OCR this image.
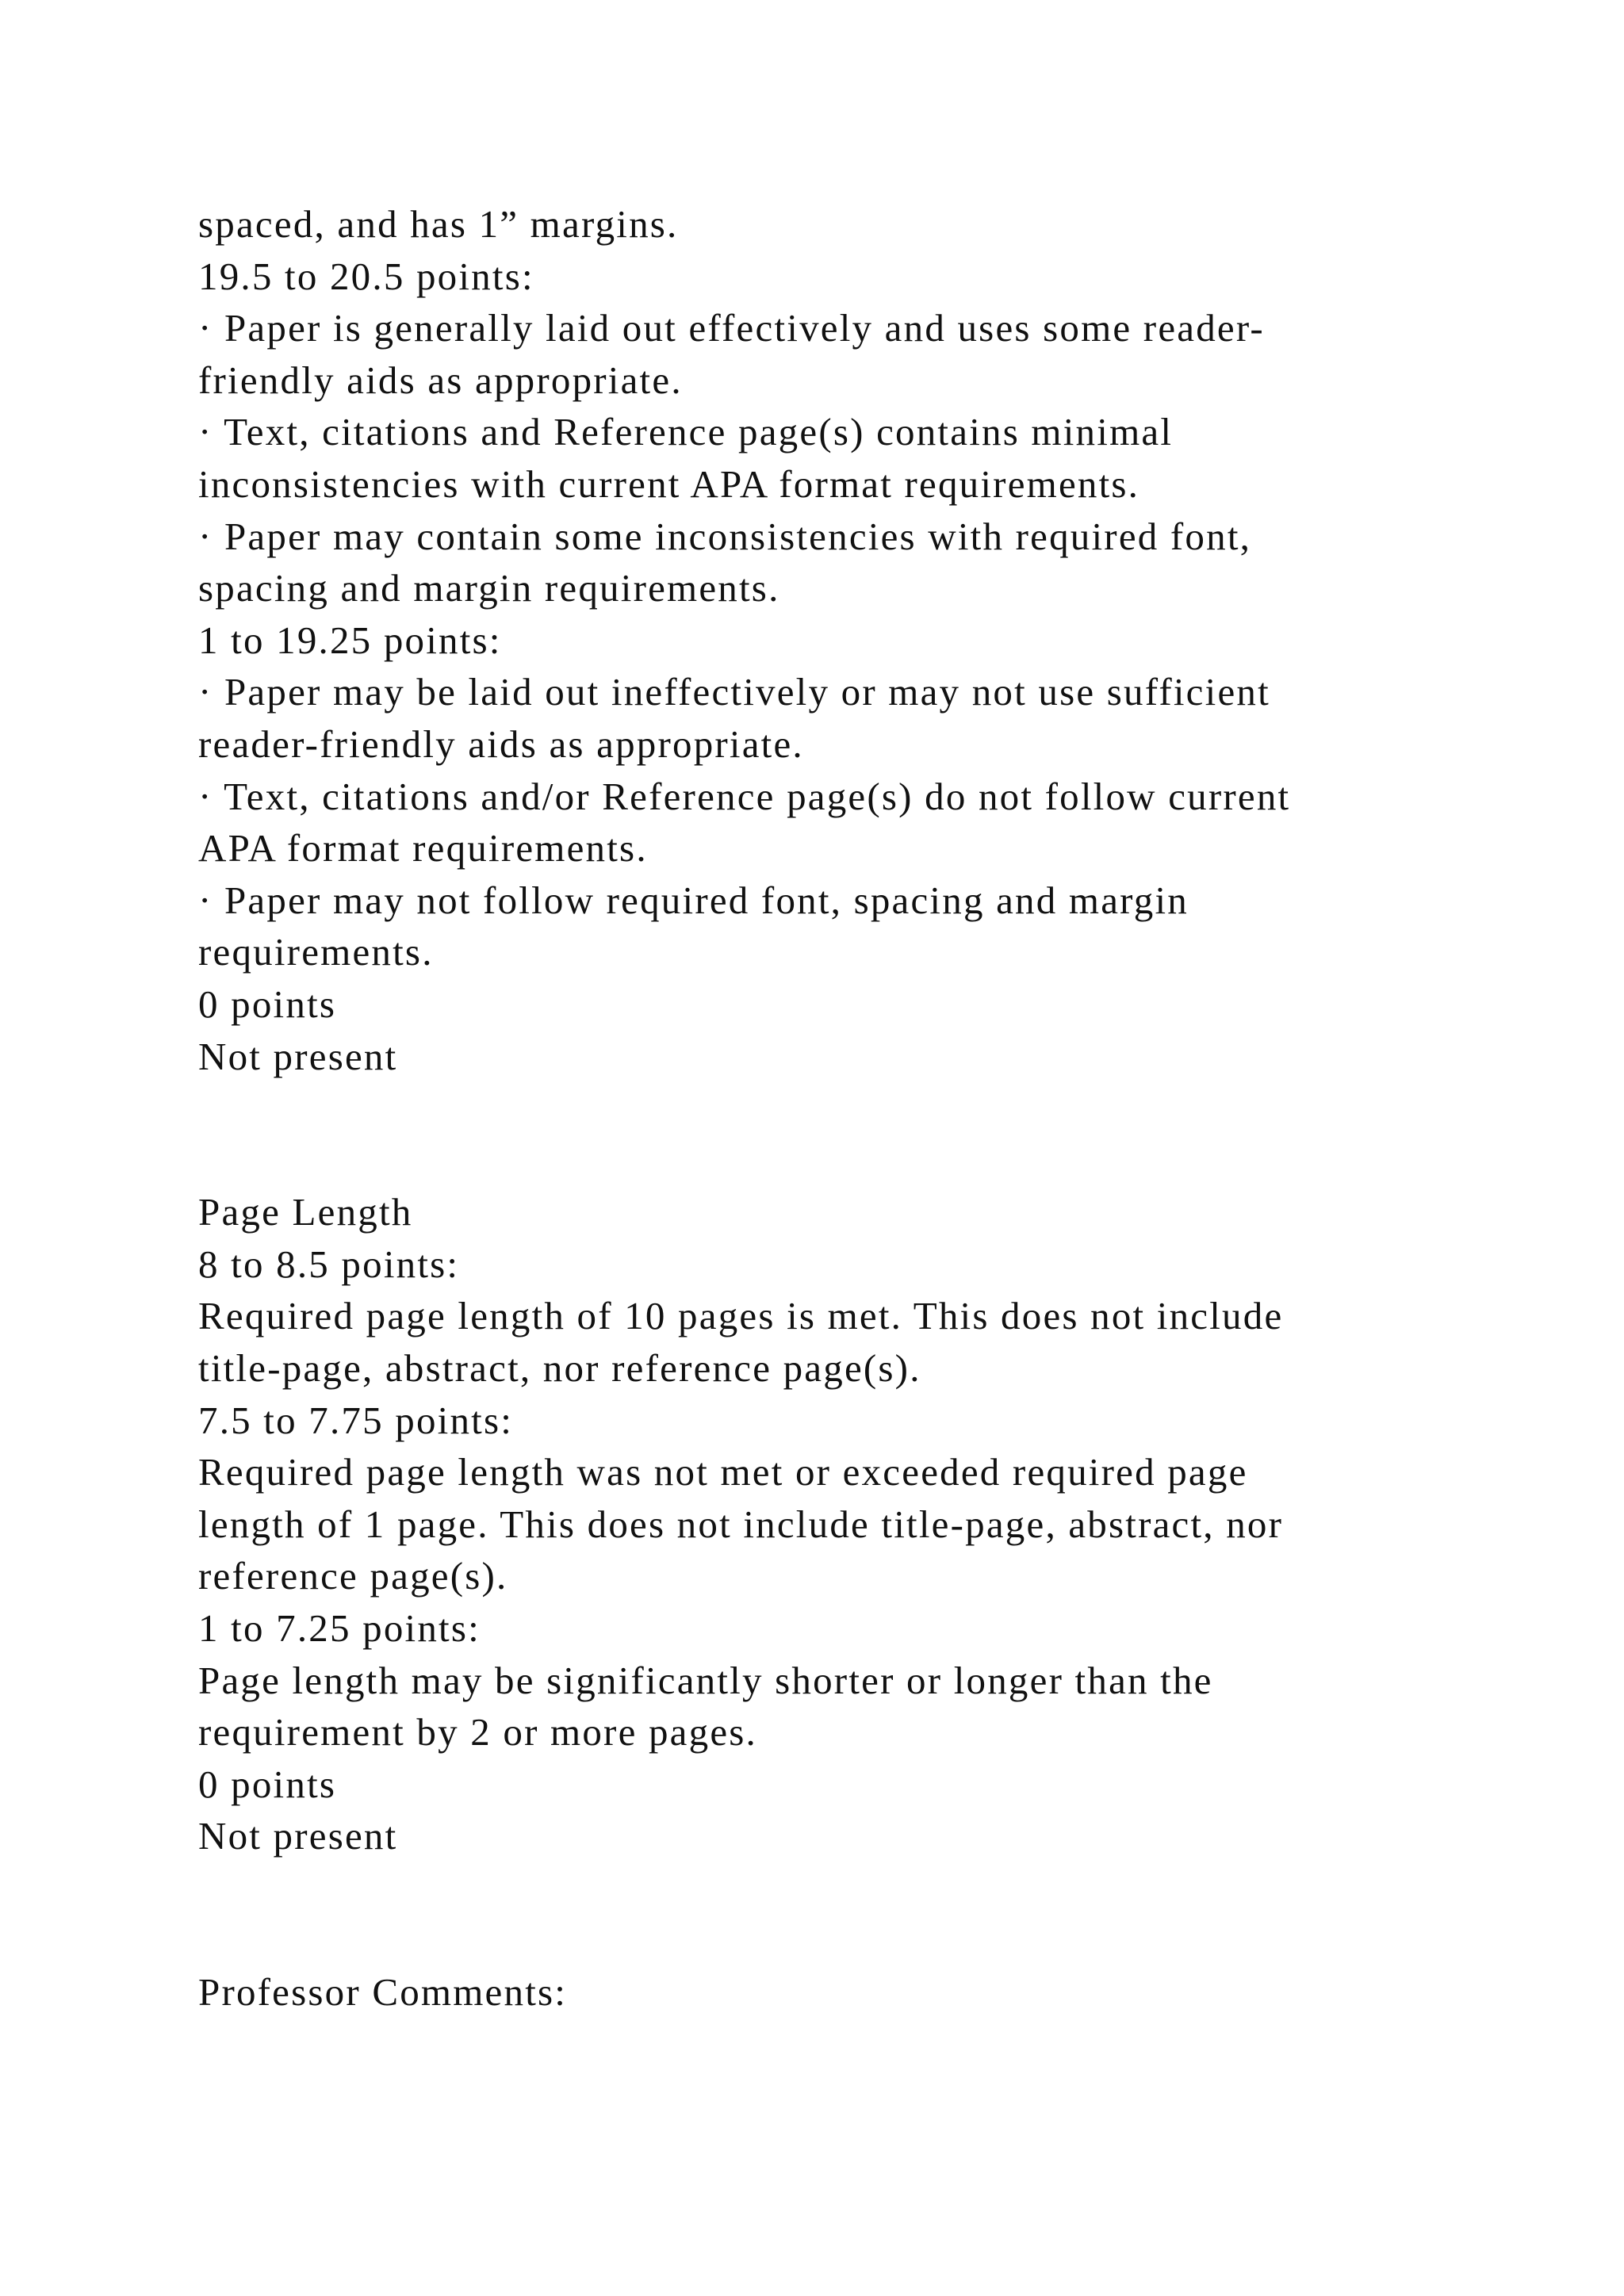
spaced, and has 1” margins.
19.5 to 20.5 points:
· Paper is generally laid out effectively and uses some reader-
friendly aids as appropriate.
· Text, citations and Reference page(s) contains minimal
inconsistencies with current APA format requirements.
· Paper may contain some inconsistencies with required font,
spacing and margin requirements.
1 to 19.25 points:
· Paper may be laid out ineffectively or may not use sufficient
reader-friendly aids as appropriate.
· Text, citations and/or Reference page(s) do not follow current
APA format requirements.
· Paper may not follow required font, spacing and margin
requirements.
0 points
Not present
Page Length
8 to 8.5 points:
Required page length of 10 pages is met. This does not include
title-page, abstract, nor reference page(s).
7.5 to 7.75 points:
Required page length was not met or exceeded required page
length of 1 page. This does not include title-page, abstract, nor
reference page(s).
1 to 7.25 points:
Page length may be significantly shorter or longer than the
requirement by 2 or more pages.
0 points
Not present
Professor Comments:
